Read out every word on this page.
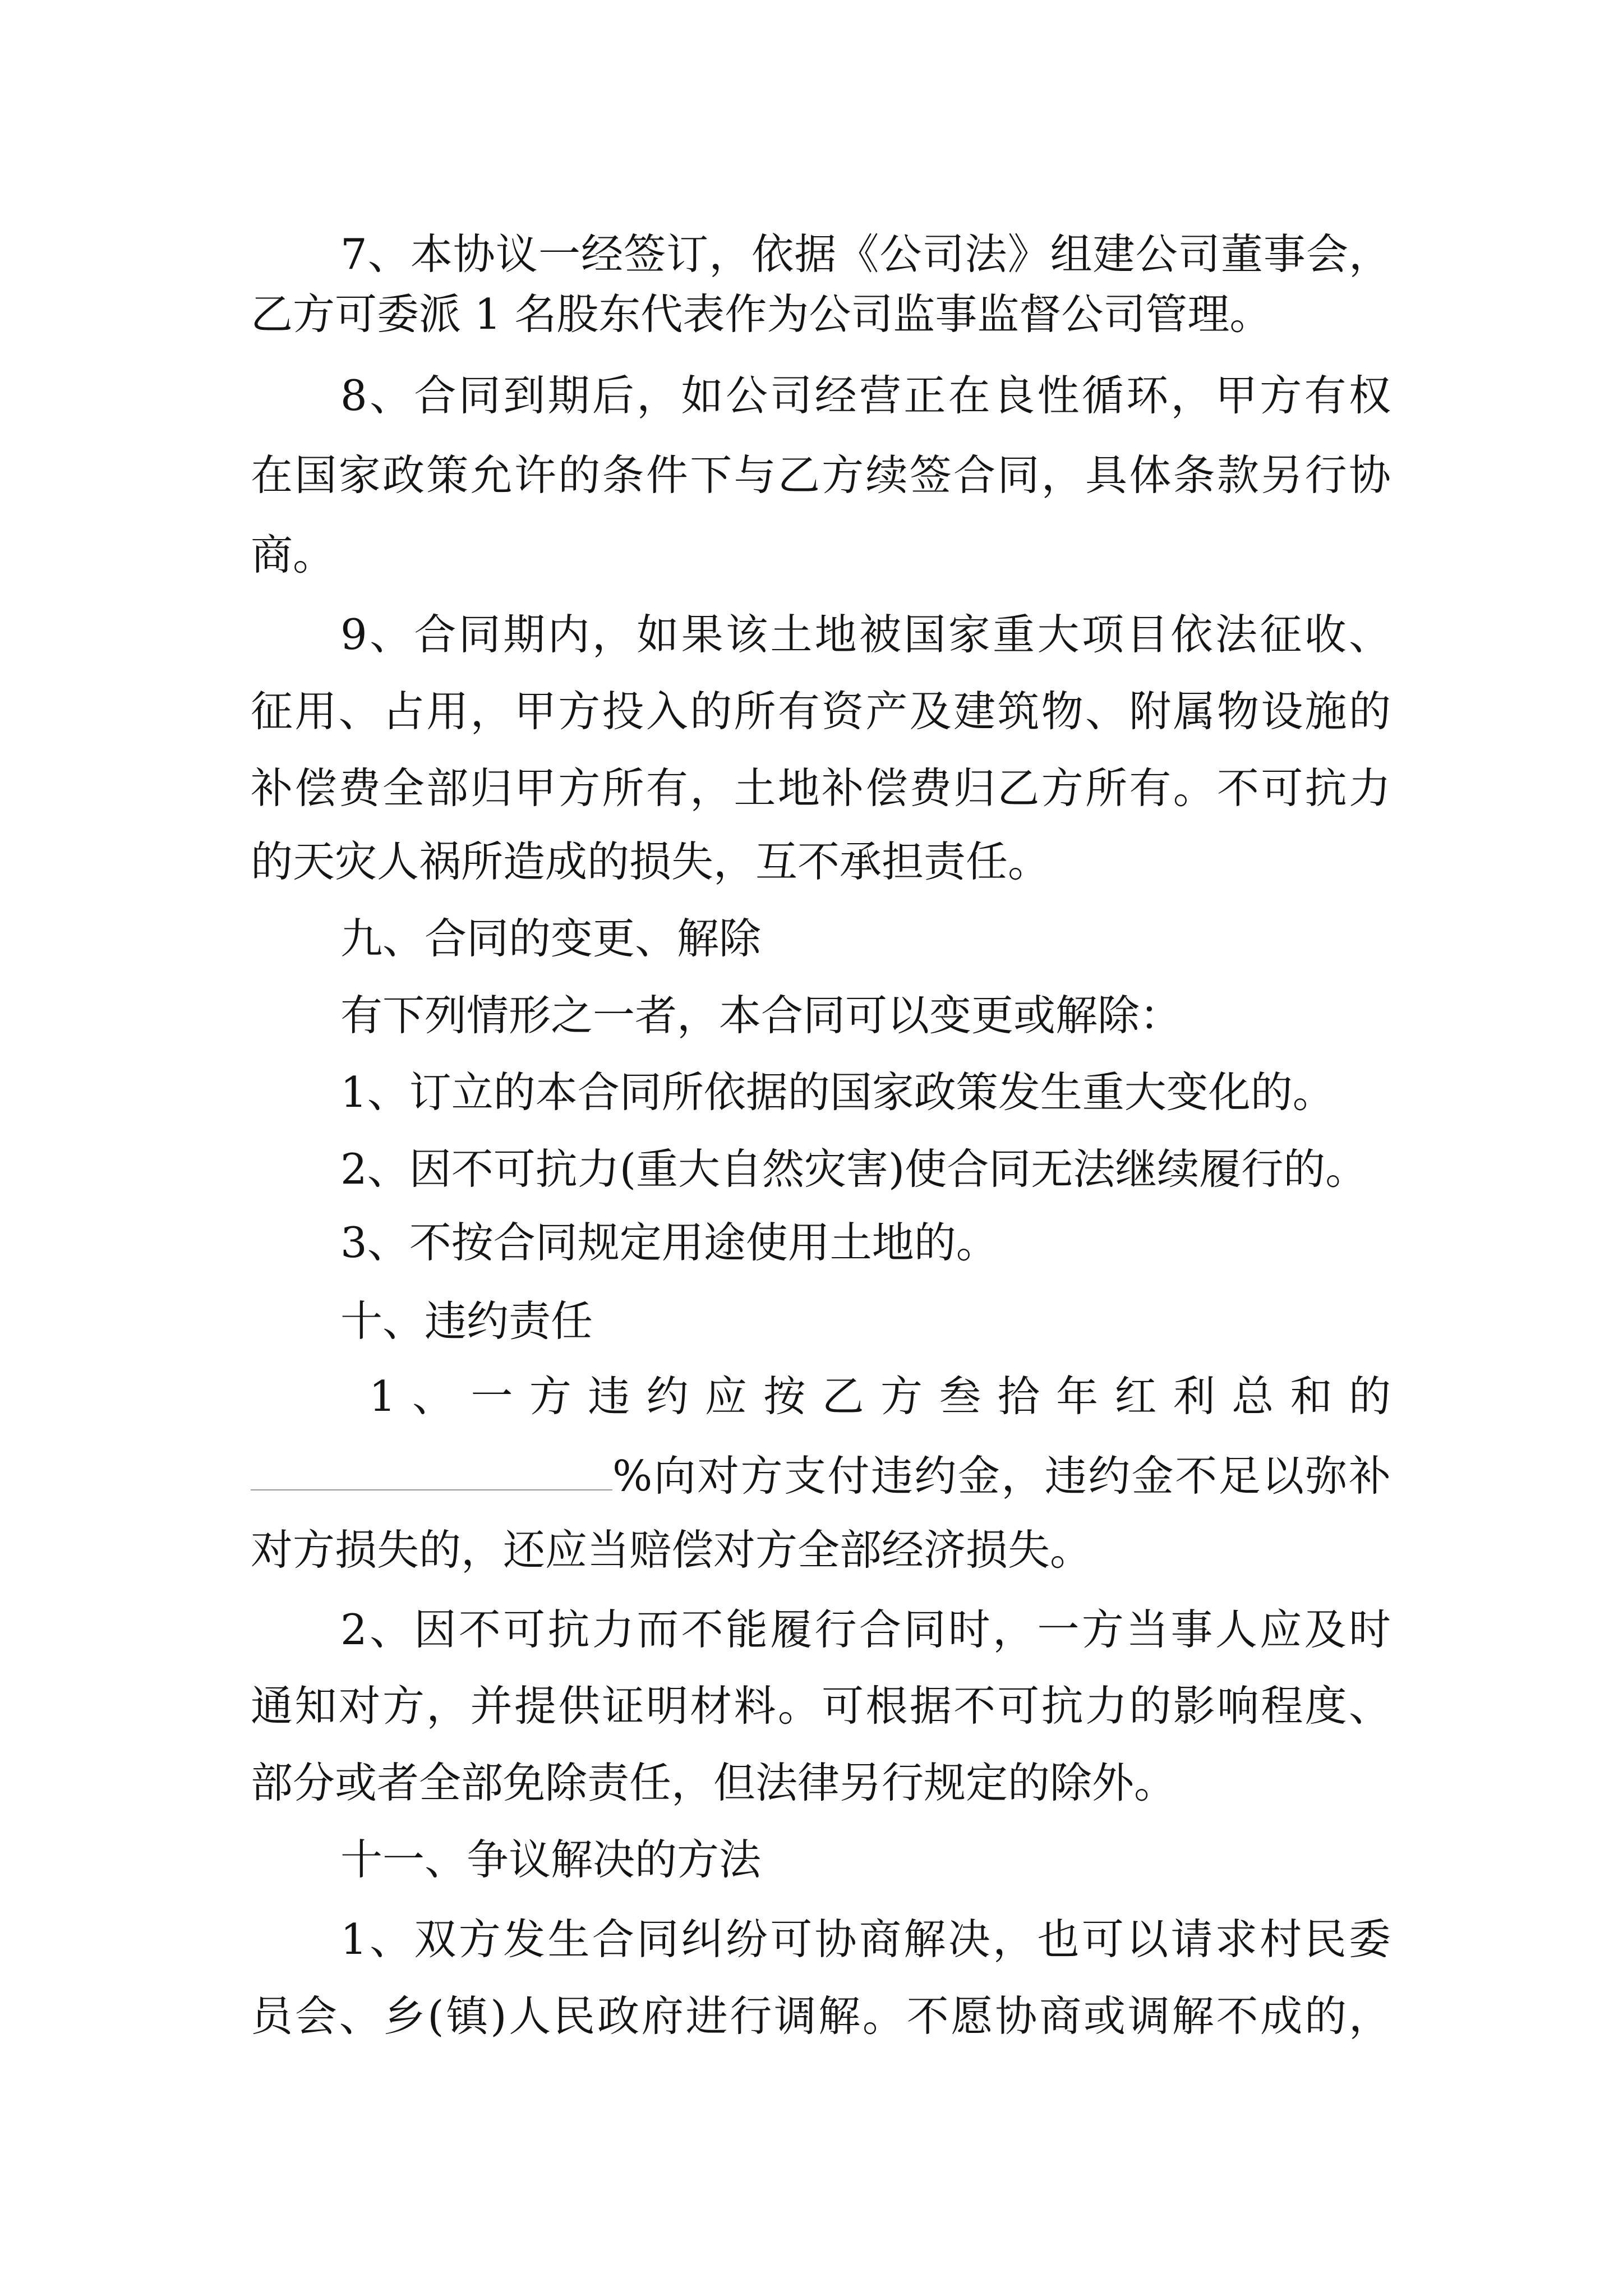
7、本协议一经签订，依据《公司法》组建公司董事会，
乙方可委派 1 名股东代表作为公司监事监督公司管理。
8、合同到期后，如公司经营正在良性循环，甲方有权
在国家政策允许的条件下与乙方续签合同，具体条款另行协
商。
9、合同期内，如果该土地被国家重大项目依法征收、
征用、占用，甲方投入的所有资产及建筑物、附属物设施的
补偿费全部归甲方所有，土地补偿费归乙方所有。不可抗力
的天灾人祸所造成的损失，互不承担责任。
九、合同的变更、解除
有下列情形之一者，本合同可以变更或解除：
1、订立的本合同所依据的国家政策发生重大变化的。
2、因不可抗力(重大自然灾害)使合同无法继续履行的。
3、不按合同规定用途使用土地的。
十、违约责任
1、一方违约应按乙方叁拾年红利总和的
%向对方支付违约金，违约金不足以弥补
对方损失的，还应当赔偿对方全部经济损失。
2、因不可抗力而不能履行合同时，一方当事人应及时
通知对方，并提供证明材料。可根据不可抗力的影响程度、
部分或者全部免除责任，但法律另行规定的除外。
十一、争议解决的方法
1、双方发生合同纠纷可协商解决，也可以请求村民委
员会、乡(镇)人民政府进行调解。不愿协商或调解不成的，
